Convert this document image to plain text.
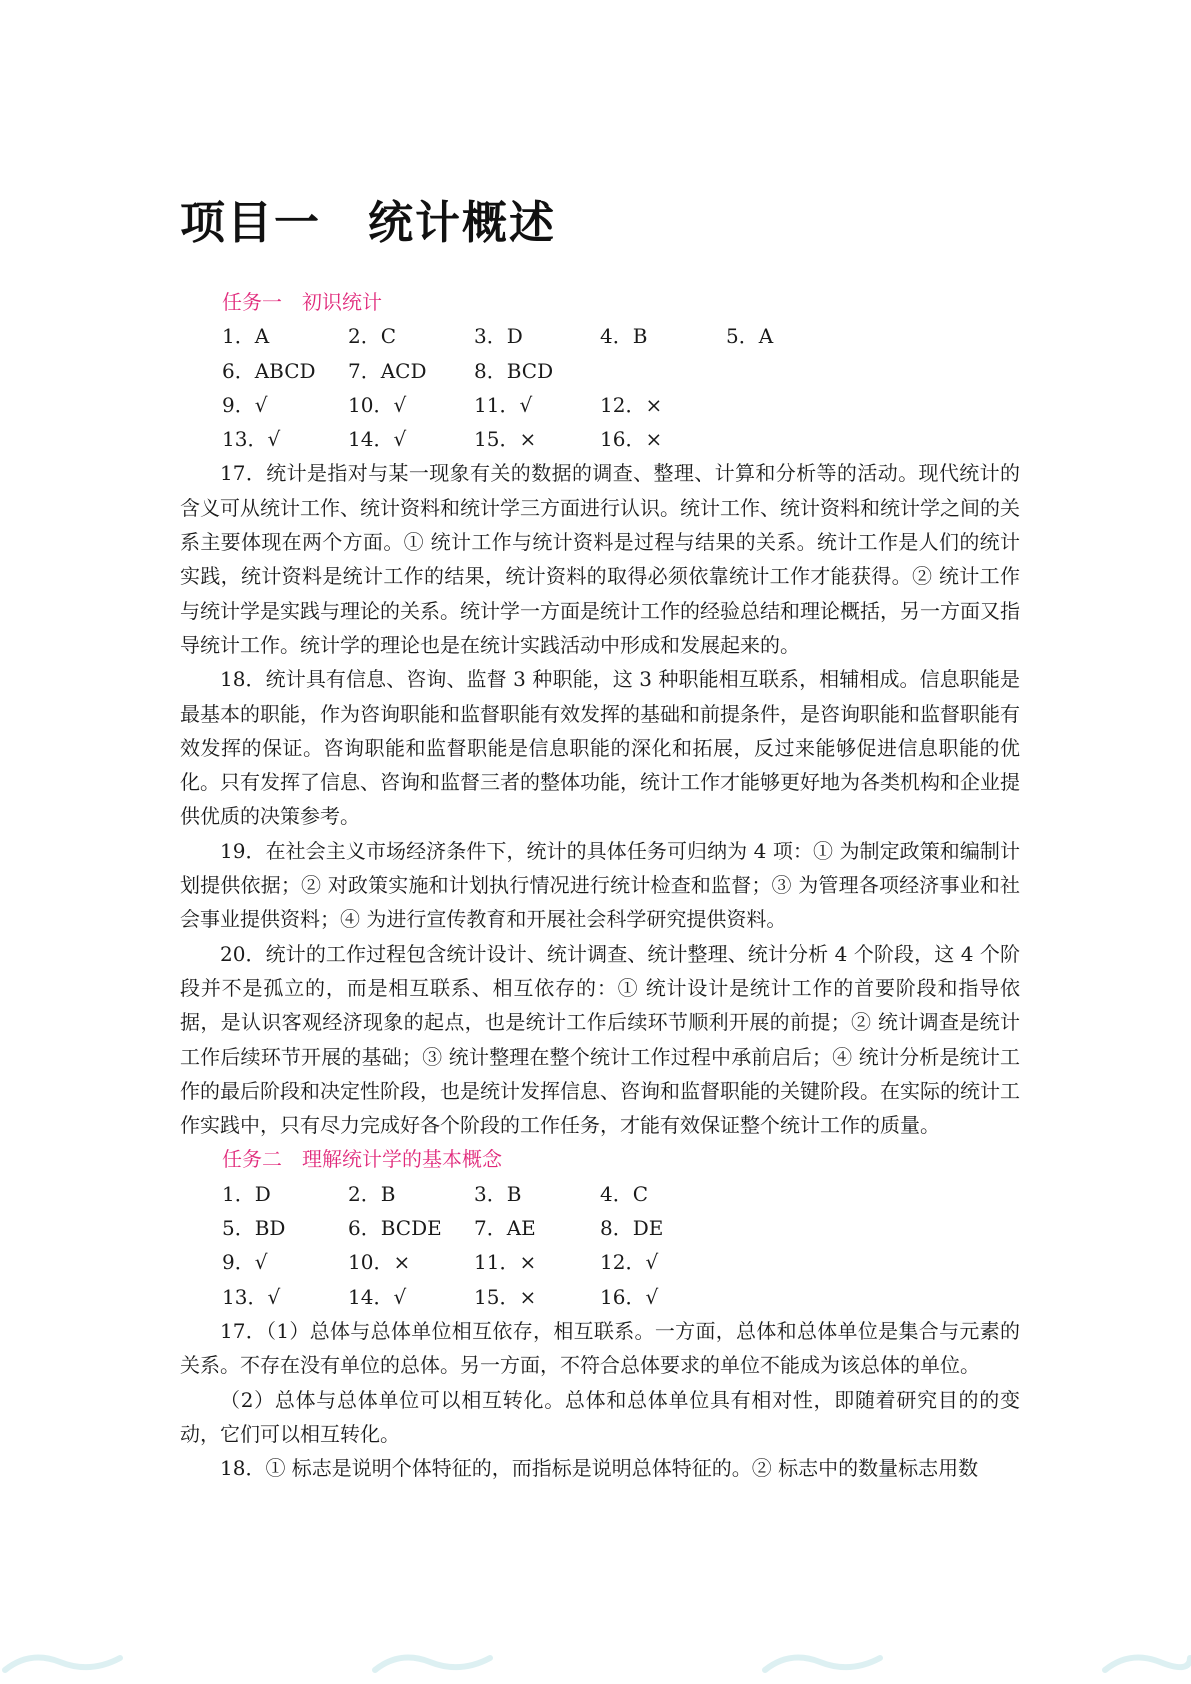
项目一　统计概述
任务一　初识统计
1．A	2．C	3．D	4．B	5．A
6．ABCD	7．ACD	8．BCD
9．√	10．√	11．√	12．×
13．√	14．√	15．×	16．×

17．统计是指对与某一现象有关的数据的调查、整理、计算和分析等的活动。现代统计的含义可从统计工作、统计资料和统计学三方面进行认识。统计工作、统计资料和统计学之间的关系主要体现在两个方面。① 统计工作与统计资料是过程与结果的关系。统计工作是人们的统计实践，统计资料是统计工作的结果，统计资料的取得必须依靠统计工作才能获得。② 统计工作与统计学是实践与理论的关系。统计学一方面是统计工作的经验总结和理论概括，另一方面又指导统计工作。统计学的理论也是在统计实践活动中形成和发展起来的。

18．统计具有信息、咨询、监督 3 种职能，这 3 种职能相互联系，相辅相成。信息职能是最基本的职能，作为咨询职能和监督职能有效发挥的基础和前提条件，是咨询职能和监督职能有效发挥的保证。咨询职能和监督职能是信息职能的深化和拓展，反过来能够促进信息职能的优化。只有发挥了信息、咨询和监督三者的整体功能，统计工作才能够更好地为各类机构和企业提供优质的决策参考。

19．在社会主义市场经济条件下，统计的具体任务可归纳为 4 项：① 为制定政策和编制计划提供依据；② 对政策实施和计划执行情况进行统计检查和监督；③ 为管理各项经济事业和社会事业提供资料；④ 为进行宣传教育和开展社会科学研究提供资料。

20．统计的工作过程包含统计设计、统计调查、统计整理、统计分析 4 个阶段，这 4 个阶段并不是孤立的，而是相互联系、相互依存的：① 统计设计是统计工作的首要阶段和指导依据，是认识客观经济现象的起点，也是统计工作后续环节顺利开展的前提；② 统计调查是统计工作后续环节开展的基础；③ 统计整理在整个统计工作过程中承前启后；④ 统计分析是统计工作的最后阶段和决定性阶段，也是统计发挥信息、咨询和监督职能的关键阶段。在实际的统计工作实践中，只有尽力完成好各个阶段的工作任务，才能有效保证整个统计工作的质量。

任务二　理解统计学的基本概念
1．D	2．B	3．B	4．C
5．BD	6．BCDE	7．AE	8．DE
9．√	10．×	11．×	12．√
13．√	14．√	15．×	16．√

17．（1）总体与总体单位相互依存，相互联系。一方面，总体和总体单位是集合与元素的关系。不存在没有单位的总体。另一方面，不符合总体要求的单位不能成为该总体的单位。

（2）总体与总体单位可以相互转化。总体和总体单位具有相对性，即随着研究目的的变动，它们可以相互转化。

18．① 标志是说明个体特征的，而指标是说明总体特征的。② 标志中的数量标志用数
